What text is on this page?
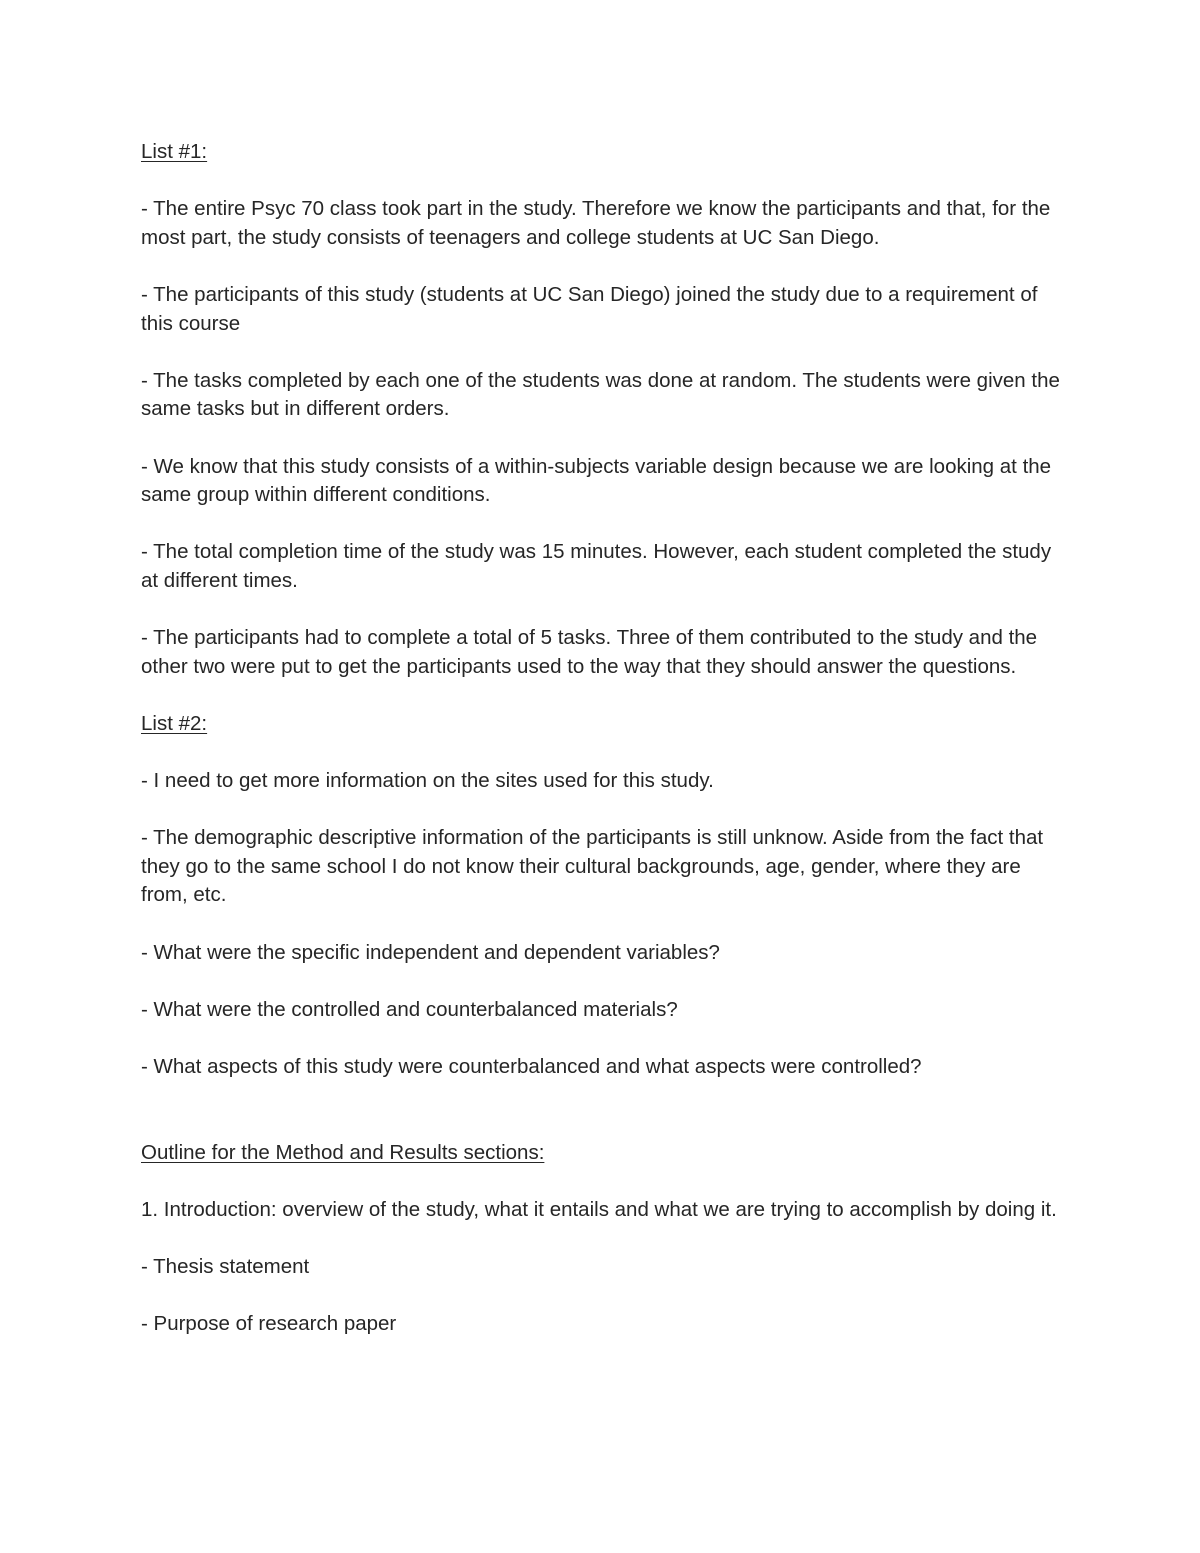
List #1:
- The entire Psyc 70 class took part in the study. Therefore we know the participants and that, for the most part, the study consists of teenagers and college students at UC San Diego.
- The participants of this study (students at UC San Diego) joined the study due to a requirement of this course
- The tasks completed by each one of the students was done at random. The students were given the same tasks but in different orders.
- We know that this study consists of a within-subjects variable design because we are looking at the same group within different conditions.
- The total completion time of the study was 15 minutes. However, each student completed the study at different times.
- The participants had to complete a total of 5 tasks. Three of them contributed to the study and the other two were put to get the participants used to the way that they should answer the questions.
List #2:
- I need to get more information on the sites used for this study.
- The demographic descriptive information of the participants is still unknow. Aside from the fact that they go to the same school I do not know their cultural backgrounds, age, gender, where they are from, etc.
- What were the specific independent and dependent variables?
- What were the controlled and counterbalanced materials?
- What aspects of this study were counterbalanced and what aspects were controlled?
Outline for the Method and Results sections:
1. Introduction: overview of the study, what it entails and what we are trying to accomplish by doing it.
- Thesis statement
- Purpose of research paper
